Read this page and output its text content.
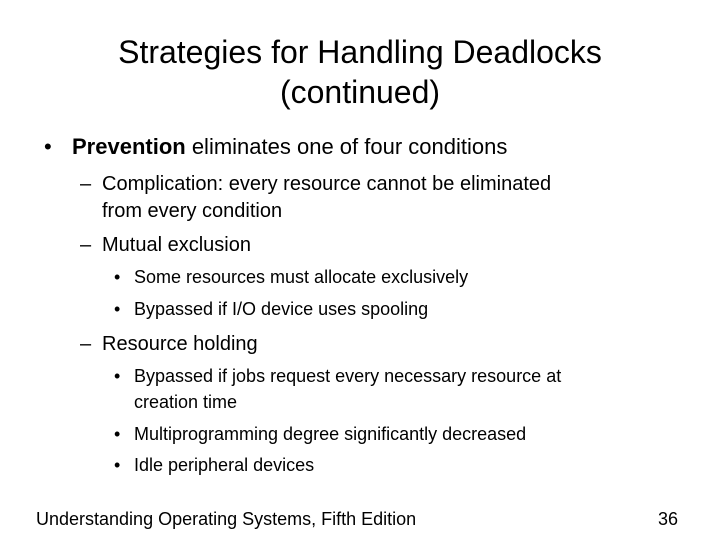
Strategies for Handling Deadlocks
(continued)
• Prevention eliminates one of four conditions
– Complication: every resource cannot be eliminated
from every condition
– Mutual exclusion
• Some resources must allocate exclusively
• Bypassed if I/O device uses spooling
– Resource holding
• Bypassed if jobs request every necessary resource at
creation time
• Multiprogramming degree significantly decreased
• Idle peripheral devices
Understanding Operating Systems, Fifth Edition	36
